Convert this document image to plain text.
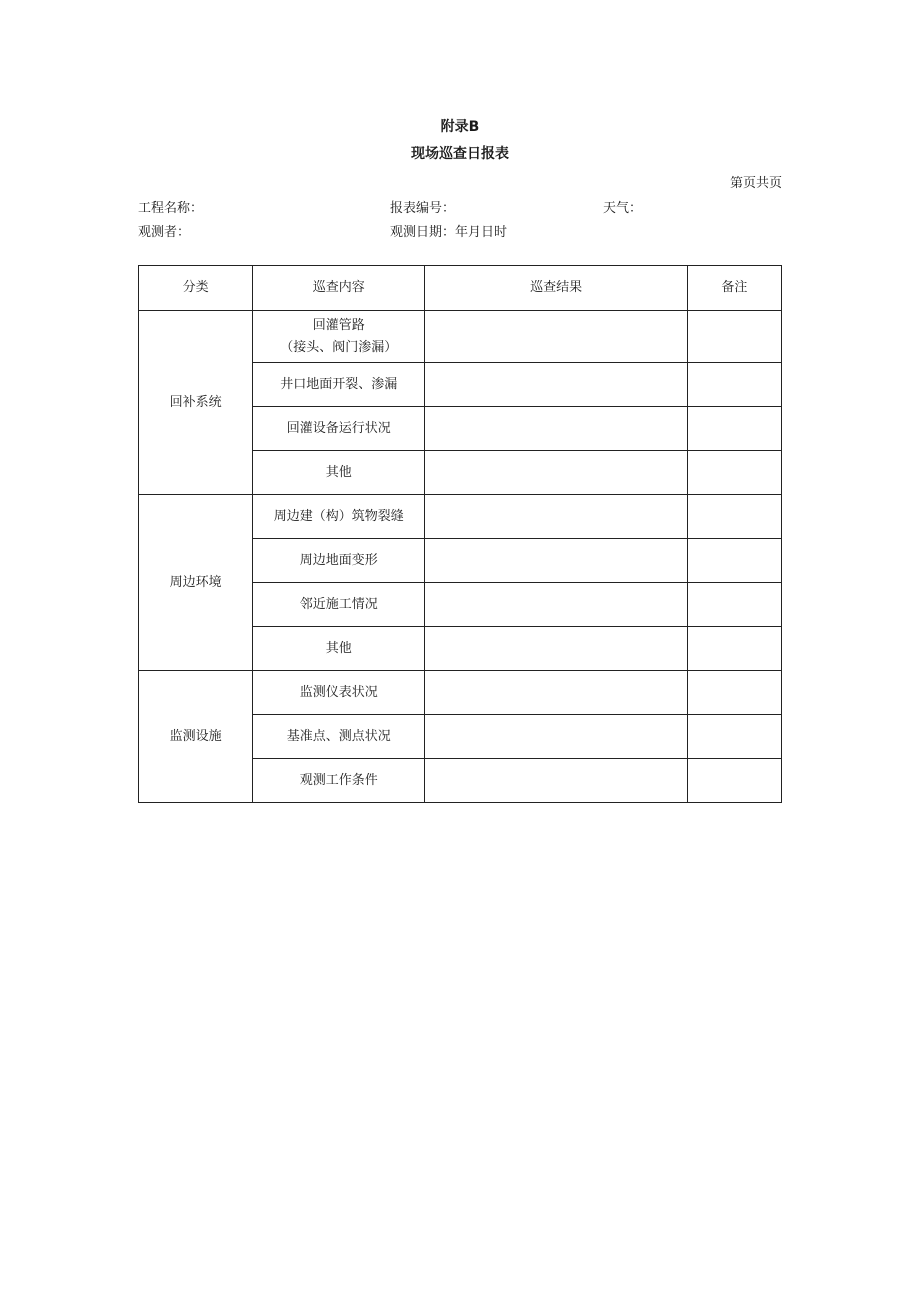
附录B
现场巡查日报表
第页共页
工程名称：	报表编号：	天气：
观测者：	观测日期：年月日时
分类	巡查内容	巡查结果	备注
回补系统	回灌管路
（接头、阀门渗漏）		

	井口地面开裂、渗漏		
	回灌设备运行状况		
	其他		
周边环境	周边建（构）筑物裂缝		
	周边地面变形		
	邻近施工情况		
	其他		
监测设施	监测仪表状况		
	基准点、测点状况		
	观测工作条件		
